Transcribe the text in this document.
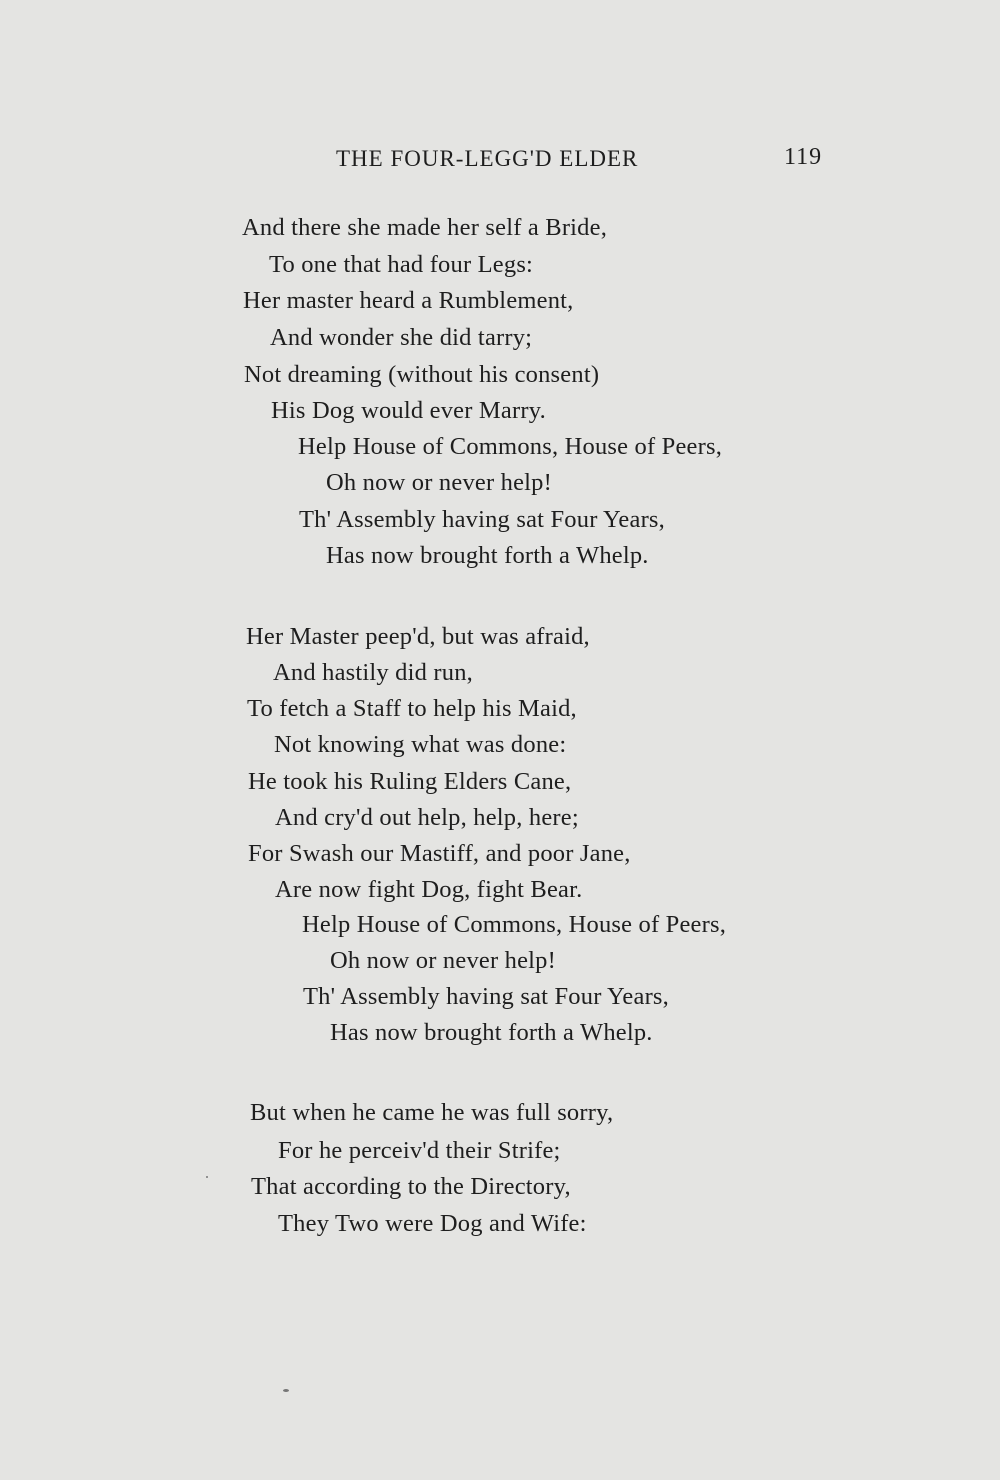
THE FOUR-LEGG'D ELDER	119
And there she made her self a Bride,
To one that had four Legs:
Her master heard a Rumblement,
And wonder she did tarry;
Not dreaming (without his consent)
His Dog would ever Marry.
Help House of Commons, House of Peers,
Oh now or never help!
Th' Assembly having sat Four Years,
Has now brought forth a Whelp.
Her Master peep'd, but was afraid,
And hastily did run,
To fetch a Staff to help his Maid,
Not knowing what was done:
He took his Ruling Elders Cane,
And cry'd out help, help, here;
For Swash our Mastiff, and poor Jane,
Are now fight Dog, fight Bear.
Help House of Commons, House of Peers,
Oh now or never help!
Th' Assembly having sat Four Years,
Has now brought forth a Whelp.
But when he came he was full sorry,
For he perceiv'd their Strife;
That according to the Directory,
They Two were Dog and Wife:
